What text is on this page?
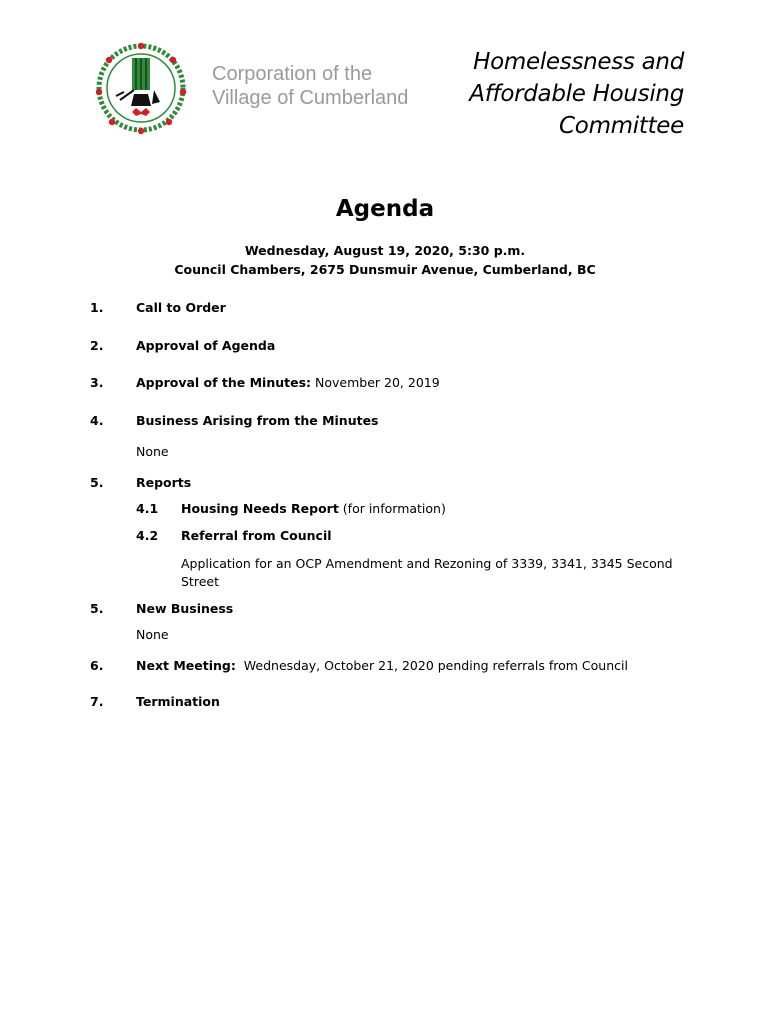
Corporation of the
Village of Cumberland
Homelessness and
Affordable Housing
Committee
Agenda
Wednesday, August 19, 2020, 5:30 p.m.
Council Chambers, 2675 Dunsmuir Avenue, Cumberland, BC
1.	Call to Order
2.	Approval of Agenda
3.	Approval of the Minutes: November 20, 2019
4.	Business Arising from the Minutes
None
5.	Reports
4.1 Housing Needs Report (for information)
4.2 Referral from Council
Application for an OCP Amendment and Rezoning of 3339, 3341, 3345 Second Street
5.	New Business
None
6.	Next Meeting: Wednesday, October 21, 2020 pending referrals from Council
7.	Termination
